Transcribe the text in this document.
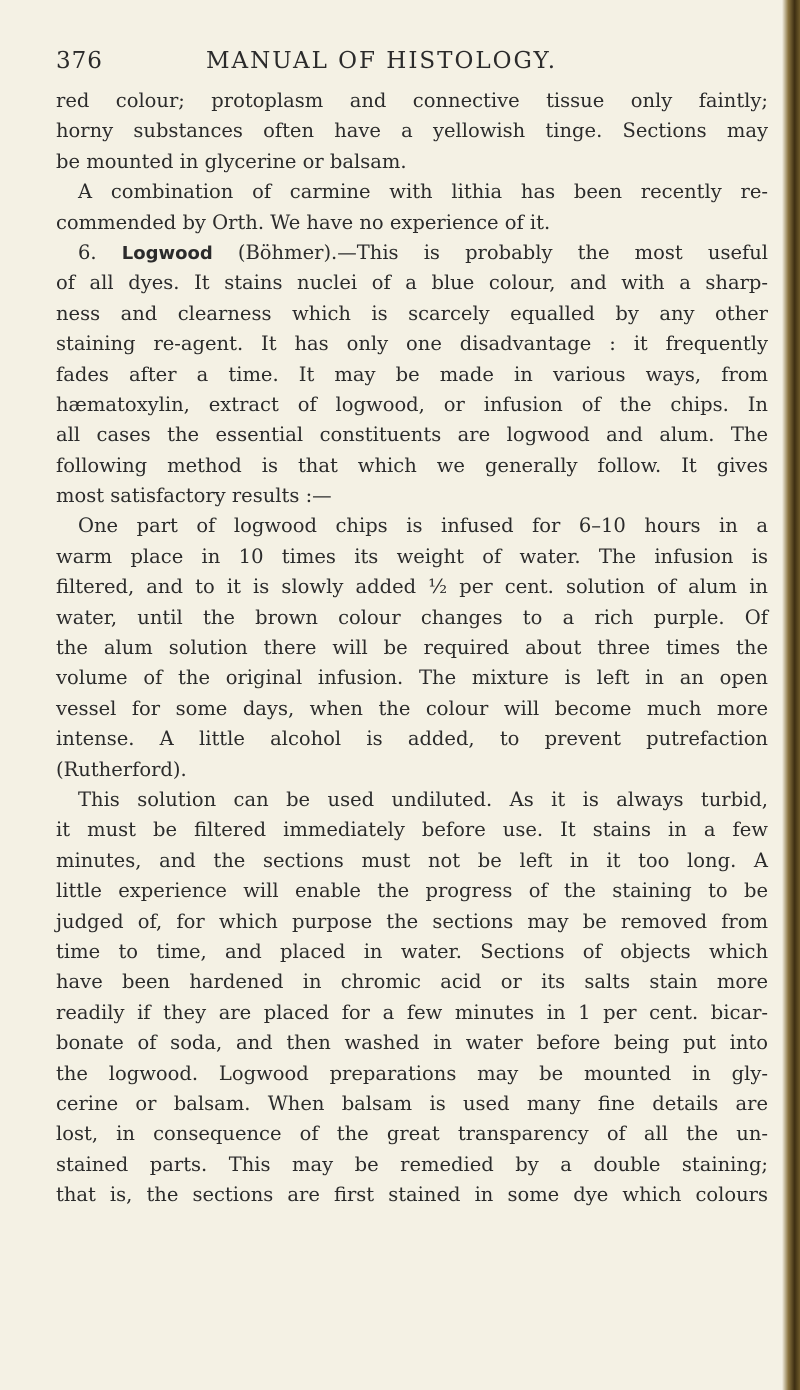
376	MANUAL OF HISTOLOGY.
red colour; protoplasm and connective tissue only faintly;
horny substances often have a yellowish tinge. Sections may
be mounted in glycerine or balsam.
A combination of carmine with lithia has been recently re-
commended by Orth. We have no experience of it.
6. Logwood (Böhmer).—This is probably the most useful
of all dyes. It stains nuclei of a blue colour, and with a sharp-
ness and clearness which is scarcely equalled by any other
staining re-agent. It has only one disadvantage : it frequently
fades after a time. It may be made in various ways, from
hæmatoxylin, extract of logwood, or infusion of the chips. In
all cases the essential constituents are logwood and alum. The
following method is that which we generally follow. It gives
most satisfactory results :—
One part of logwood chips is infused for 6–10 hours in a
warm place in 10 times its weight of water. The infusion is
filtered, and to it is slowly added ½ per cent. solution of alum in
water, until the brown colour changes to a rich purple. Of
the alum solution there will be required about three times the
volume of the original infusion. The mixture is left in an open
vessel for some days, when the colour will become much more
intense. A little alcohol is added, to prevent putrefaction
(Rutherford).
This solution can be used undiluted. As it is always turbid,
it must be filtered immediately before use. It stains in a few
minutes, and the sections must not be left in it too long. A
little experience will enable the progress of the staining to be
judged of, for which purpose the sections may be removed from
time to time, and placed in water. Sections of objects which
have been hardened in chromic acid or its salts stain more
readily if they are placed for a few minutes in 1 per cent. bicar-
bonate of soda, and then washed in water before being put into
the logwood. Logwood preparations may be mounted in gly-
cerine or balsam. When balsam is used many fine details are
lost, in consequence of the great transparency of all the un-
stained parts. This may be remedied by a double staining;
that is, the sections are first stained in some dye which colours
